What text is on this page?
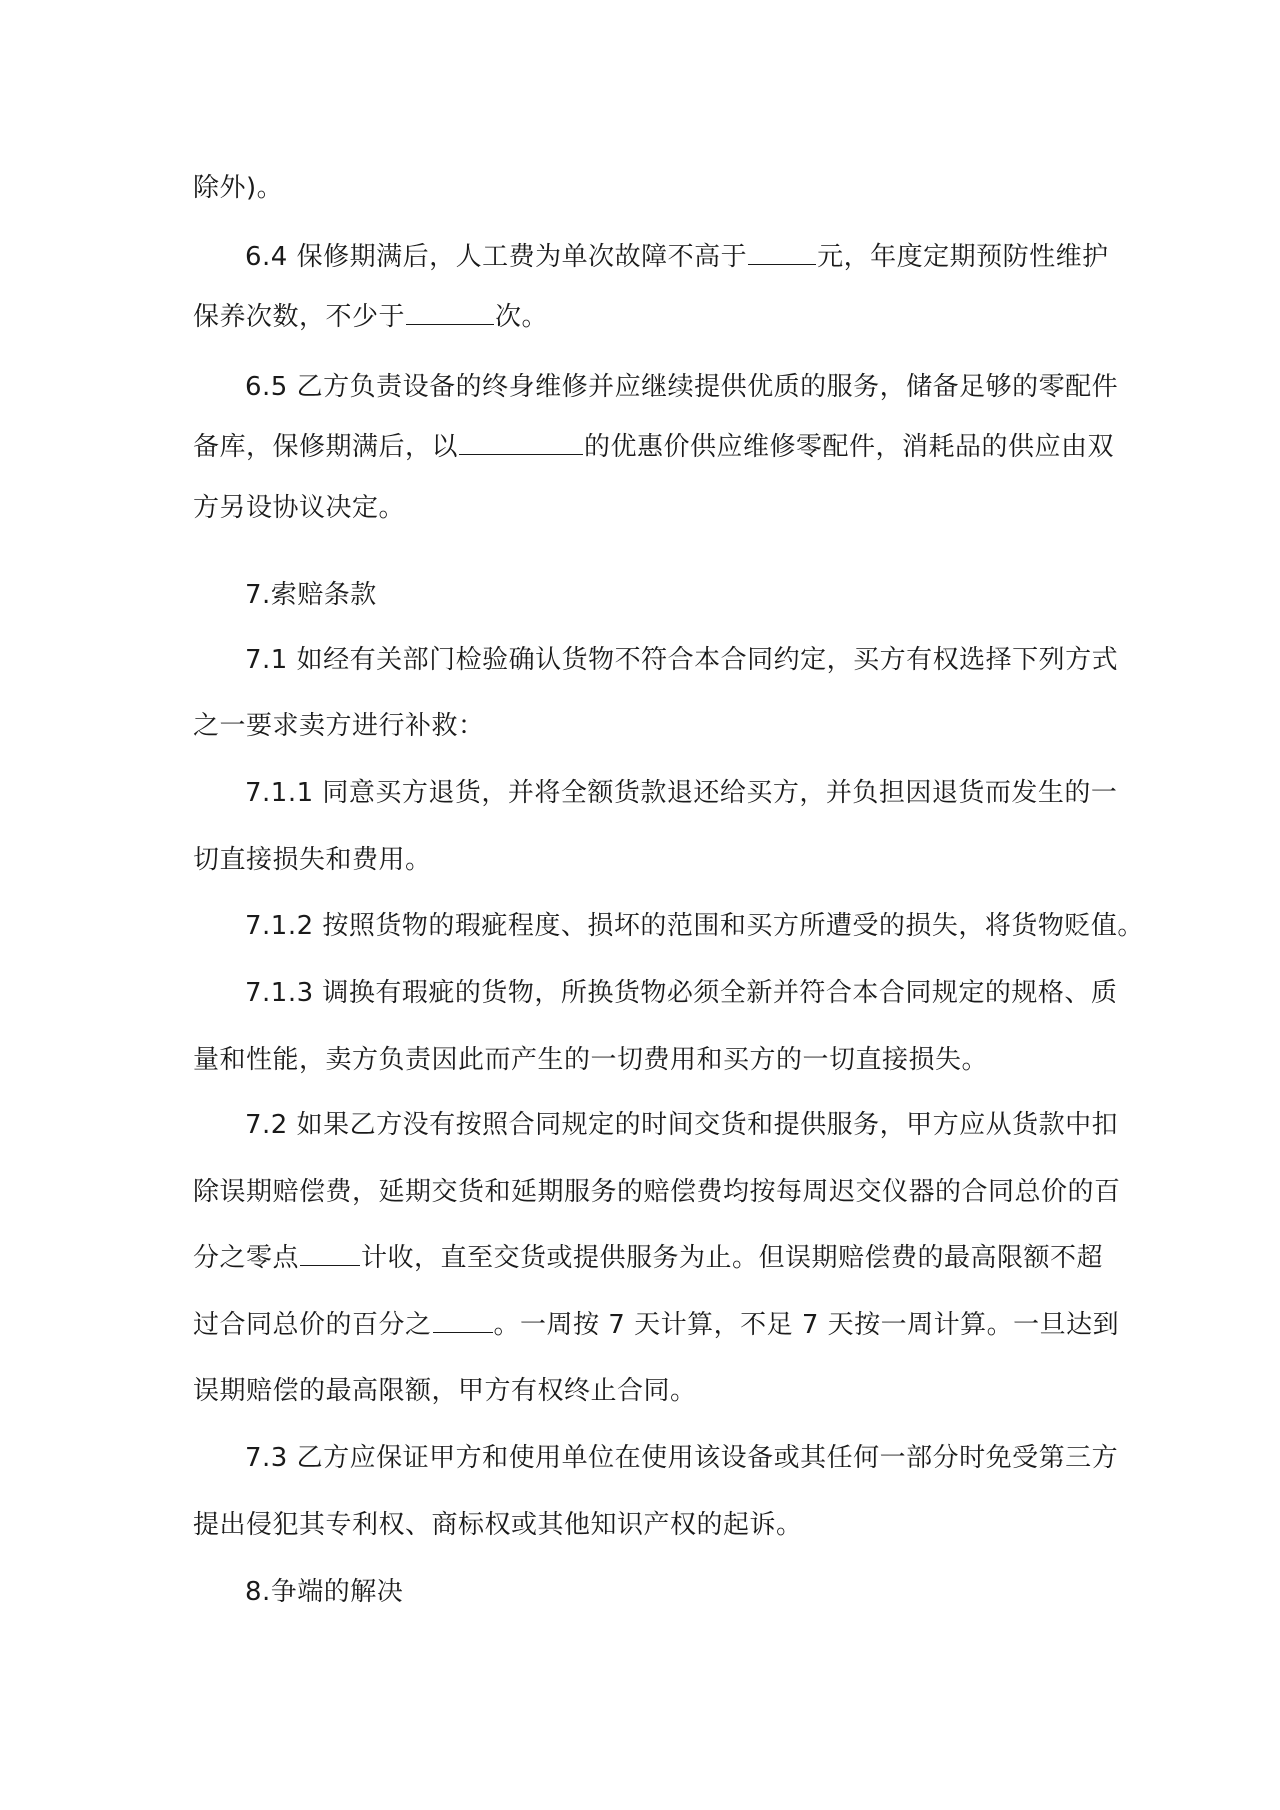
除外)。
6.4 保修期满后，人工费为单次故障不高于	元，年度定期预防性维护
保养次数，不少于	次。
6.5 乙方负责设备的终身维修并应继续提供优质的服务，储备足够的零配件
备库，保修期满后，以	的优惠价供应维修零配件，消耗品的供应由双
方另设协议决定。
7.索赔条款
7.1 如经有关部门检验确认货物不符合本合同约定，买方有权选择下列方式
之一要求卖方进行补救：
7.1.1 同意买方退货，并将全额货款退还给买方，并负担因退货而发生的一
切直接损失和费用。
7.1.2 按照货物的瑕疵程度、损坏的范围和买方所遭受的损失，将货物贬值。
7.1.3 调换有瑕疵的货物，所换货物必须全新并符合本合同规定的规格、质
量和性能，卖方负责因此而产生的一切费用和买方的一切直接损失。
7.2 如果乙方没有按照合同规定的时间交货和提供服务，甲方应从货款中扣
除误期赔偿费，延期交货和延期服务的赔偿费均按每周迟交仪器的合同总价的百
分之零点 计收，直至交货或提供服务为止。但误期赔偿费的最高限额不超
过合同总价的百分之 。一周按 7 天计算，不足 7 天按一周计算。一旦达到
误期赔偿的最高限额，甲方有权终止合同。
7.3 乙方应保证甲方和使用单位在使用该设备或其任何一部分时免受第三方
提出侵犯其专利权、商标权或其他知识产权的起诉。
8.争端的解决
